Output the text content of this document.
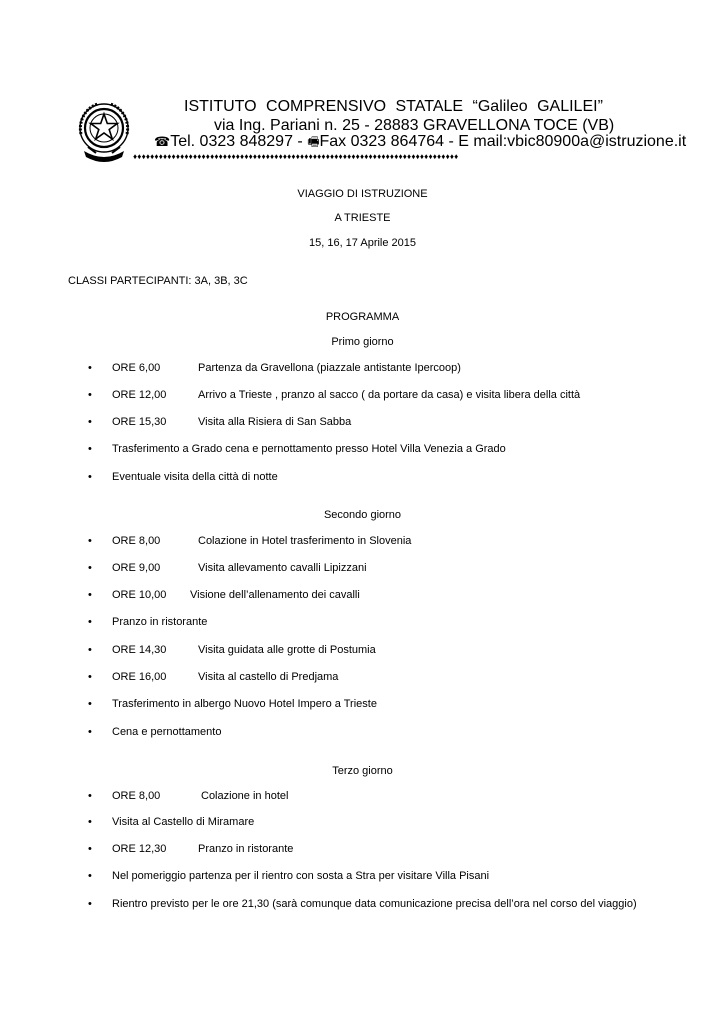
ISTITUTO COMPRENSIVO STATALE “Galileo GALILEI”
via Ing. Pariani n. 25 - 28883 GRAVELLONA TOCE (VB)
☎Tel. 0323 848297 - 🖷Fax 0323 864764 - E mail:vbic80900a@istruzione.it
♦♦♦♦♦♦♦♦♦♦♦♦♦♦♦♦♦♦♦♦♦♦♦♦♦♦♦♦♦♦♦♦♦♦♦♦♦♦♦♦♦♦♦♦♦♦♦♦♦♦♦♦♦♦♦♦♦♦♦♦♦♦♦♦♦♦♦♦♦♦♦♦♦♦♦♦
VIAGGIO DI ISTRUZIONE
A TRIESTE
15, 16, 17 Aprile 2015
CLASSI PARTECIPANTI: 3A, 3B, 3C
PROGRAMMA
Primo giorno
• ORE 6,00	Partenza da Gravellona (piazzale antistante Ipercoop)
• ORE 12,00	Arrivo a Trieste , pranzo al sacco ( da portare da casa) e visita libera della città
• ORE 15,30	Visita alla Risiera di San Sabba
• Trasferimento a Grado cena e pernottamento presso Hotel Villa Venezia a Grado
• Eventuale visita della città di notte
Secondo giorno
• ORE 8,00	Colazione in Hotel trasferimento in Slovenia
• ORE 9,00	Visita allevamento cavalli Lipizzani
• ORE 10,00 Visione dell’allenamento dei cavalli
• Pranzo in ristorante
• ORE 14,30	Visita guidata alle grotte di Postumia
• ORE 16,00	Visita al castello di Predjama
• Trasferimento in albergo Nuovo Hotel Impero a Trieste
• Cena e pernottamento
Terzo giorno
• ORE 8,00	Colazione in hotel
• Visita al Castello di Miramare
• ORE 12,30	Pranzo in ristorante
• Nel pomeriggio partenza per il rientro con sosta a Stra per visitare Villa Pisani
• Rientro previsto per le ore 21,30 (sarà comunque data comunicazione precisa dell’ora nel corso del viaggio)
